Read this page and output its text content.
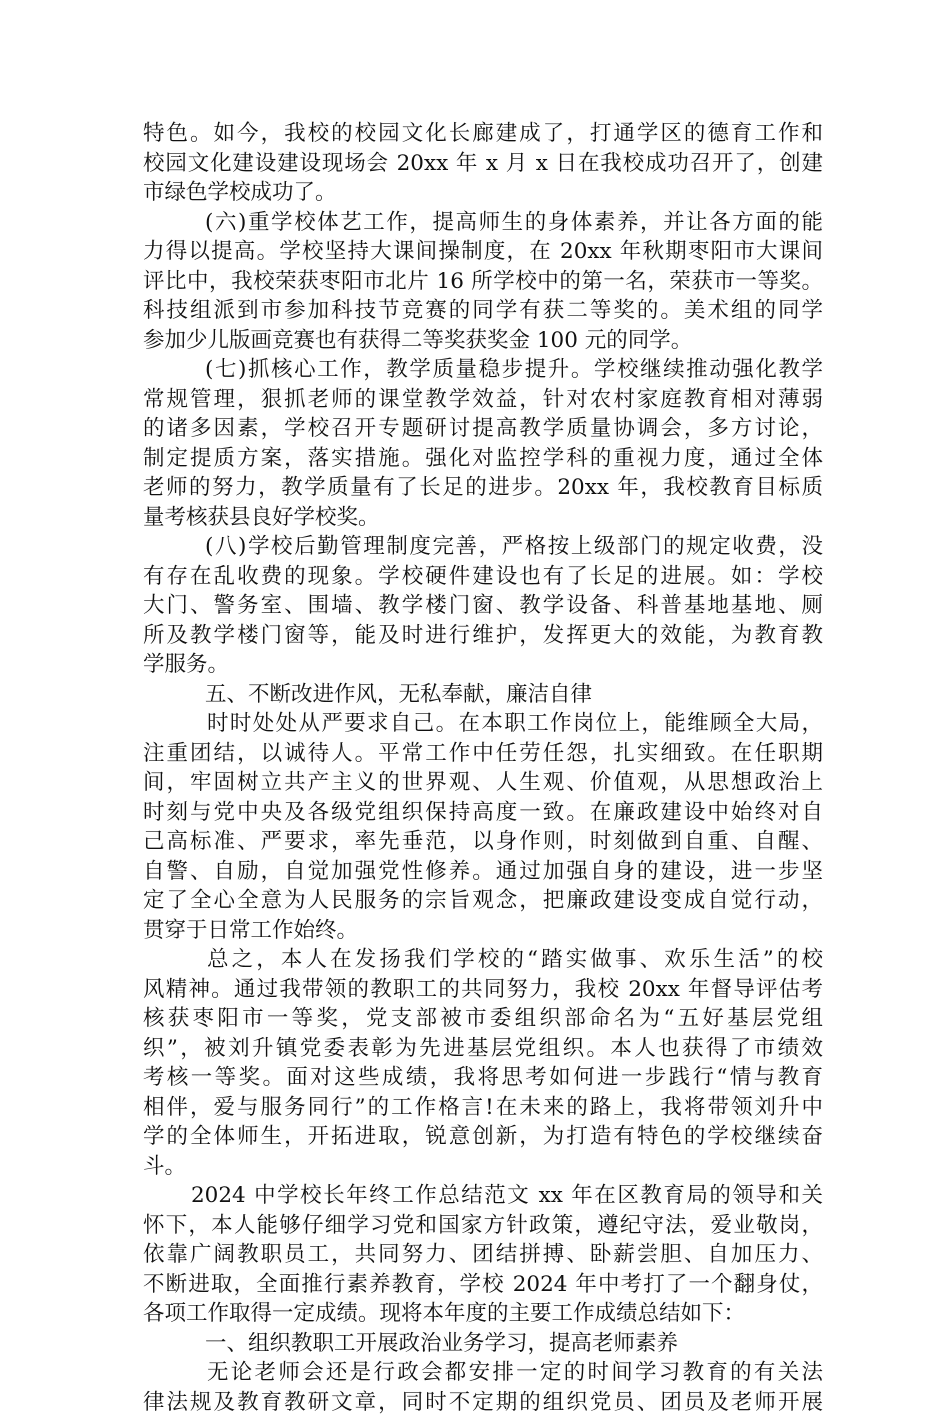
特色。如今，我校的校园文化长廊建成了，打通学区的德育工作和
校园文化建设建设现场会 20xx 年 x 月 x 日在我校成功召开了，创建
市绿色学校成功了。
(六)重学校体艺工作，提高师生的身体素养，并让各方面的能
力得以提高。学校坚持大课间操制度，在 20xx 年秋期枣阳市大课间
评比中，我校荣获枣阳市北片 16 所学校中的第一名，荣获市一等奖。
科技组派到市参加科技节竞赛的同学有获二等奖的。美术组的同学
参加少儿版画竞赛也有获得二等奖获奖金 100 元的同学。
(七)抓核心工作，教学质量稳步提升。学校继续推动强化教学
常规管理，狠抓老师的课堂教学效益，针对农村家庭教育相对薄弱
的诸多因素，学校召开专题研讨提高教学质量协调会，多方讨论，
制定提质方案，落实措施。强化对监控学科的重视力度，通过全体
老师的努力，教学质量有了长足的进步。20xx 年，我校教育目标质
量考核获县良好学校奖。
(八)学校后勤管理制度完善，严格按上级部门的规定收费，没
有存在乱收费的现象。学校硬件建设也有了长足的进展。如：学校
大门、警务室、围墙、教学楼门窗、教学设备、科普基地基地、厕
所及教学楼门窗等，能及时进行维护，发挥更大的效能，为教育教
学服务。
五、不断改进作风，无私奉献，廉洁自律
时时处处从严要求自己。在本职工作岗位上，能维顾全大局，
注重团结，以诚待人。平常工作中任劳任怨，扎实细致。在任职期
间，牢固树立共产主义的世界观、人生观、价值观，从思想政治上
时刻与党中央及各级党组织保持高度一致。在廉政建设中始终对自
己高标准、严要求，率先垂范，以身作则，时刻做到自重、自醒、
自警、自励，自觉加强党性修养。通过加强自身的建设，进一步坚
定了全心全意为人民服务的宗旨观念，把廉政建设变成自觉行动，
贯穿于日常工作始终。
总之，本人在发扬我们学校的“踏实做事、欢乐生活”的校
风精神。通过我带领的教职工的共同努力，我校 20xx 年督导评估考
核获枣阳市一等奖，党支部被市委组织部命名为“五好基层党组
织”，被刘升镇党委表彰为先进基层党组织。本人也获得了市绩效
考核一等奖。面对这些成绩，我将思考如何进一步践行“情与教育
相伴，爱与服务同行”的工作格言!在未来的路上，我将带领刘升中
学的全体师生，开拓进取，锐意创新，为打造有特色的学校继续奋
斗。
2024 中学校长年终工作总结范文 xx 年在区教育局的领导和关
怀下，本人能够仔细学习党和国家方针政策，遵纪守法，爱业敬岗，
依靠广阔教职员工，共同努力、团结拼搏、卧薪尝胆、自加压力、
不断进取，全面推行素养教育，学校 2024 年中考打了一个翻身仗，
各项工作取得一定成绩。现将本年度的主要工作成绩总结如下：
一、组织教职工开展政治业务学习，提高老师素养
无论老师会还是行政会都安排一定的时间学习教育的有关法
律法规及教育教研文章，同时不定期的组织党员、团员及老师开展
